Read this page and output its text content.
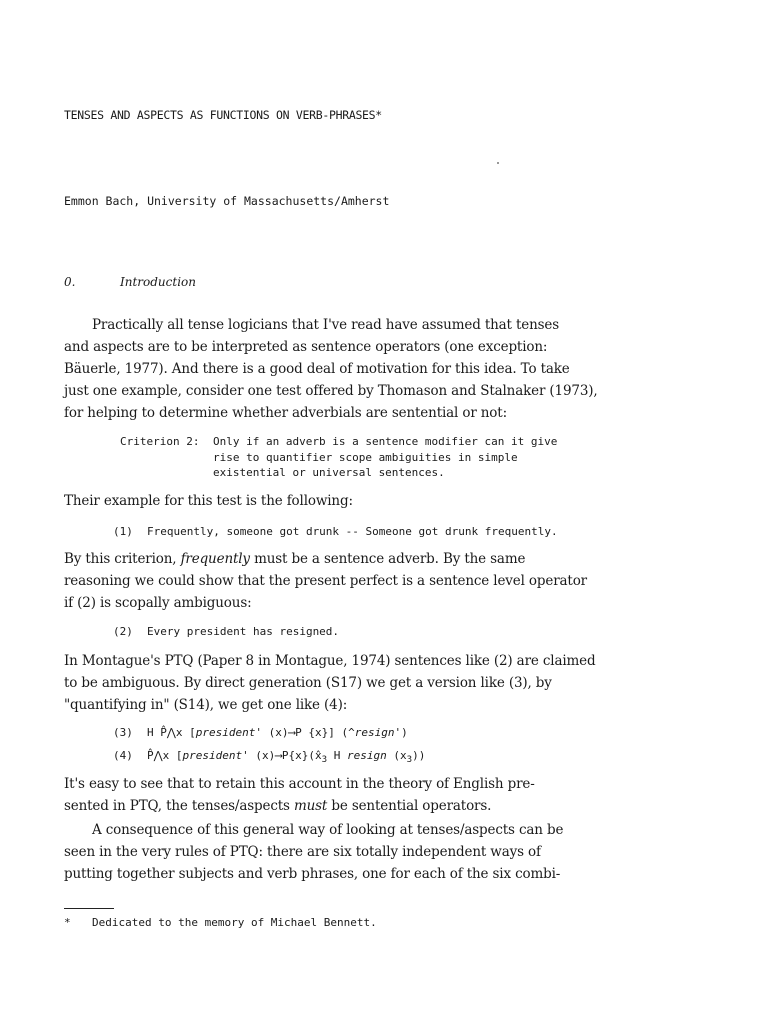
TENSES AND ASPECTS AS FUNCTIONS ON VERB-PHRASES*
Emmon Bach, University of Massachusetts/Amherst
0.	Introduction
Practically all tense logicians that I've read have assumed that tenses
and aspects are to be interpreted as sentence operators (one exception:
Bäuerle, 1977). And there is a good deal of motivation for this idea. To take
just one example, consider one test offered by Thomason and Stalnaker (1973),
for helping to determine whether adverbials are sentential or not:
Criterion 2: Only if an adverb is a sentence modifier can it give
rise to quantifier scope ambiguities in simple
existential or universal sentences.
Their example for this test is the following:
(1) Frequently, someone got drunk -- Someone got drunk frequently.
By this criterion, frequently must be a sentence adverb. By the same
reasoning we could show that the present perfect is a sentence level operator
if (2) is scopally ambiguous:
(2) Every president has resigned.
In Montague's PTQ (Paper 8 in Montague, 1974) sentences like (2) are claimed
to be ambiguous. By direct generation (S17) we get a version like (3), by
"quantifying in" (S14), we get one like (4):
(3) H P̂⋀x [president' (x)⟶P {x}] (^resign')
(4) P̂⋀x [president' $(x)⟶P\{x\}(x̂_3$ H resign $(x_3)$)
It's easy to see that to retain this account in the theory of English pre-
sented in PTQ, the tenses/aspects must be sentential operators.
A consequence of this general way of looking at tenses/aspects can be
seen in the very rules of PTQ: there are six totally independent ways of
putting together subjects and verb phrases, one for each of the six combi-
* Dedicated to the memory of Michael Bennett.
